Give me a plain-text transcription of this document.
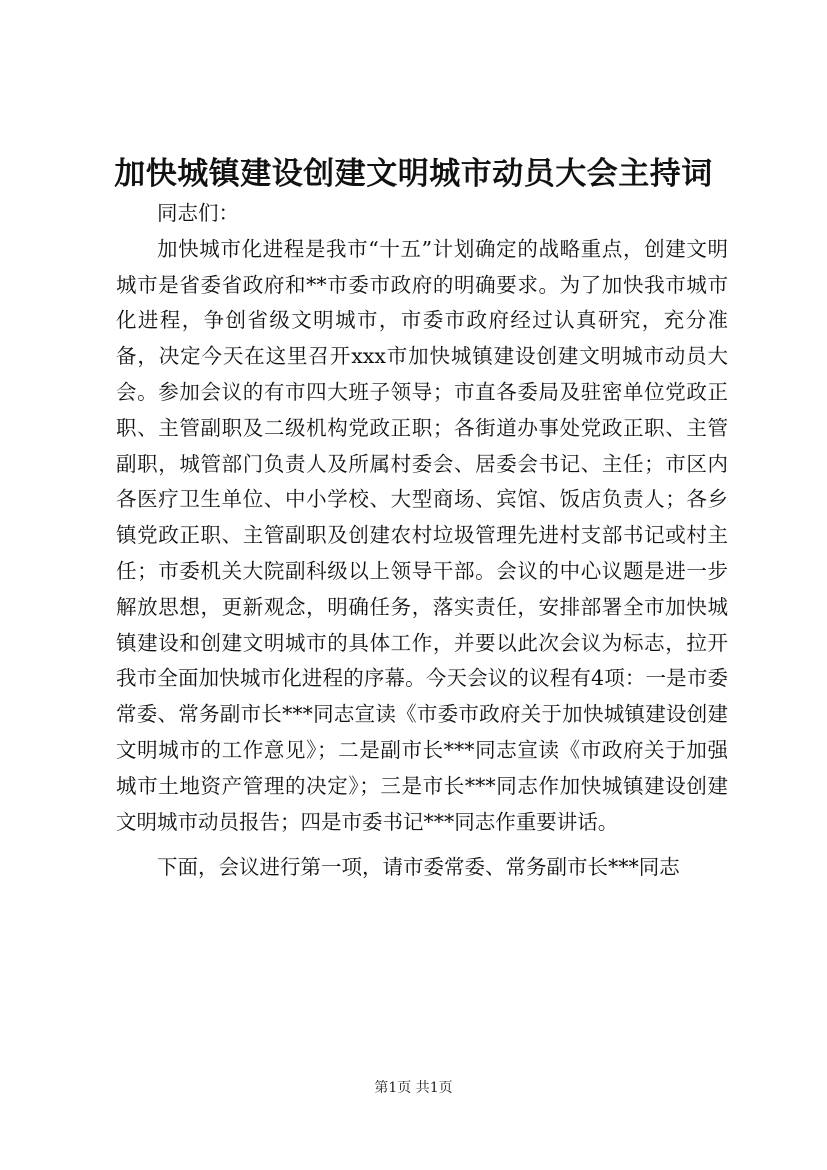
加快城镇建设创建文明城市动员大会主持词

同志们：

加快城市化进程是我市“十五”计划确定的战略重点，创建文明城市是省委省政府和**市委市政府的明确要求。为了加快我市城市化进程，争创省级文明城市，市委市政府经过认真研究，充分准备，决定今天在这里召开xxx市加快城镇建设创建文明城市动员大会。参加会议的有市四大班子领导；市直各委局及驻密单位党政正职、主管副职及二级机构党政正职；各街道办事处党政正职、主管副职，城管部门负责人及所属村委会、居委会书记、主任；市区内各医疗卫生单位、中小学校、大型商场、宾馆、饭店负责人；各乡镇党政正职、主管副职及创建农村垃圾管理先进村支部书记或村主任；市委机关大院副科级以上领导干部。会议的中心议题是进一步解放思想，更新观念，明确任务，落实责任，安排部署全市加快城镇建设和创建文明城市的具体工作，并要以此次会议为标志，拉开我市全面加快城市化进程的序幕。今天会议的议程有4项：一是市委常委、常务副市长***同志宣读《市委市政府关于加快城镇建设创建文明城市的工作意见》；二是副市长***同志宣读《市政府关于加强城市土地资产管理的决定》；三是市长***同志作加快城镇建设创建文明城市动员报告；四是市委书记***同志作重要讲话。

下面，会议进行第一项，请市委常委、常务副市长***同志

第1页 共1页
